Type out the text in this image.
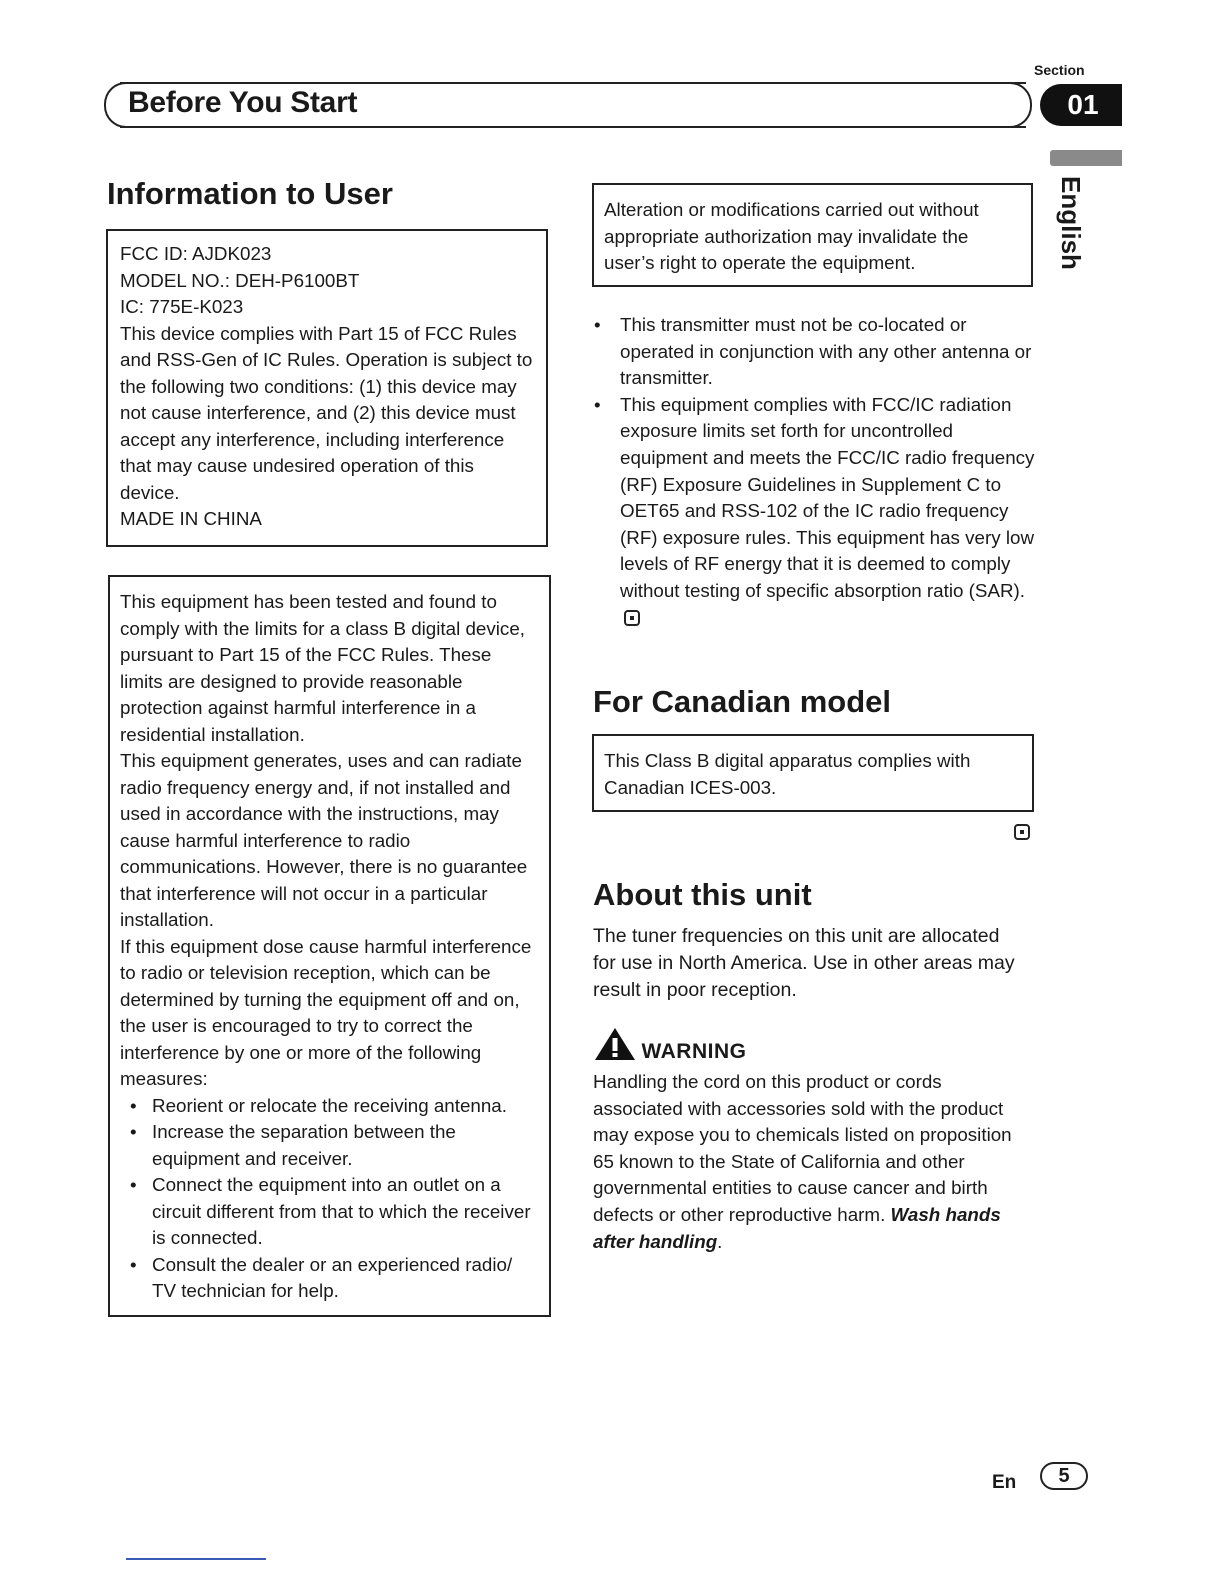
Section
Before You Start	01
English
Information to User

FCC ID: AJDK023

MODEL NO.: DEH-P6100BT

IC: 775E-K023

This device complies with Part 15 of FCC Rules and RSS-Gen of IC Rules. Operation is subject to the following two conditions: (1) this device may not cause interference, and (2) this device must accept any interference, including interference that may cause undesired operation of this device.

MADE IN CHINA

This equipment has been tested and found to comply with the limits for a class B digital device, pursuant to Part 15 of the FCC Rules. These limits are designed to provide reasonable protection against harmful interference in a residential installation.

This equipment generates, uses and can radiate radio frequency energy and, if not installed and used in accordance with the instructions, may cause harmful interference to radio communications. However, there is no guarantee that interference will not occur in a particular installation.

If this equipment dose cause harmful interference to radio or television reception, which can be determined by turning the equipment off and on, the user is encouraged to try to correct the interference by one or more of the following measures:

• Reorient or relocate the receiving antenna.
• Increase the separation between the equipment and receiver.
• Connect the equipment into an outlet on a circuit different from that to which the receiver is connected.
• Consult the dealer or an experienced radio/ TV technician for help.

Alteration or modifications carried out without appropriate authorization may invalidate the user’s right to operate the equipment.

• This transmitter must not be co-located or operated in conjunction with any other antenna or transmitter.
• This equipment complies with FCC/IC radiation exposure limits set forth for uncontrolled equipment and meets the FCC/IC radio frequency (RF) Exposure Guidelines in Supplement C to OET65 and RSS-102 of the IC radio frequency (RF) exposure rules. This equipment has very low levels of RF energy that it is deemed to comply without testing of specific absorption ratio (SAR).
For Canadian model

This Class B digital apparatus complies with Canadian ICES-003.

About this unit

The tuner frequencies on this unit are allocated for use in North America. Use in other areas may result in poor reception.

WARNING

Handling the cord on this product or cords associated with accessories sold with the product may expose you to chemicals listed on proposition 65 known to the State of California and other governmental entities to cause cancer and birth defects or other reproductive harm. Wash hands after handling.

En	5
